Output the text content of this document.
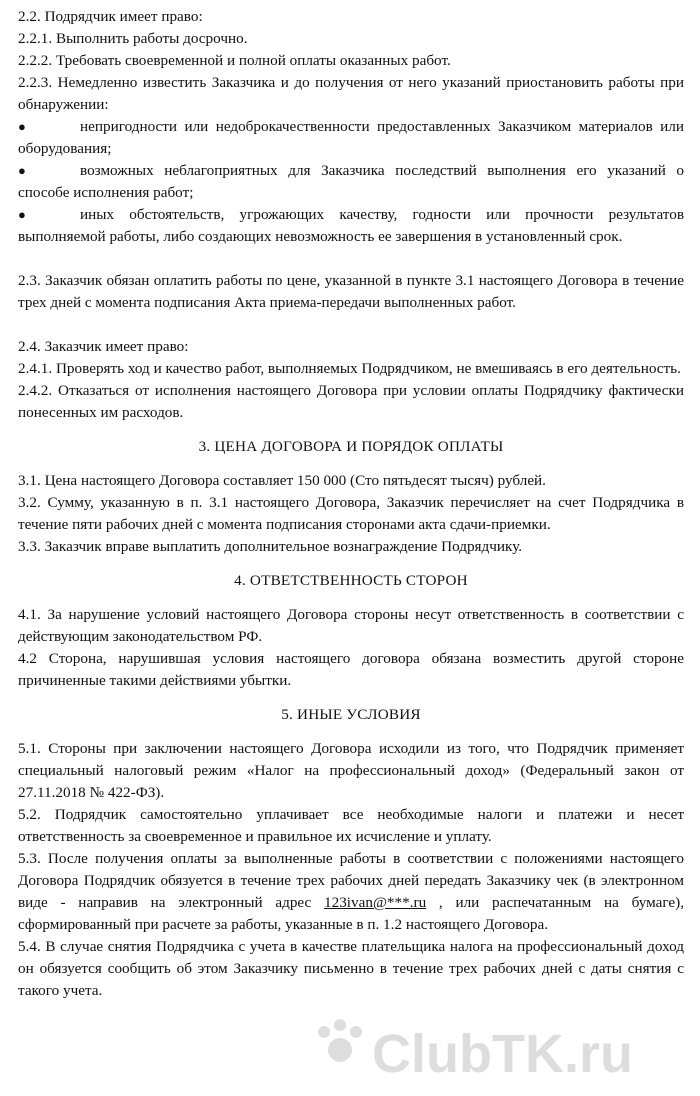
2.2. Подрядчик имеет право:

2.2.1. Выполнить работы досрочно.

2.2.2. Требовать своевременной и полной оплаты оказанных работ.

2.2.3. Немедленно известить Заказчика и до получения от него указаний приостановить работы при обнаружении:

●	непригодности или недоброкачественности предоставленных Заказчиком материалов или оборудования;

●	возможных неблагоприятных для Заказчика последствий выполнения его указаний о способе исполнения работ;

●	иных обстоятельств, угрожающих качеству, годности или прочности результатов выполняемой работы, либо создающих невозможность ее завершения в установленный срок.

2.3. Заказчик обязан оплатить работы по цене, указанной в пункте 3.1 настоящего Договора в течение трех дней с момента подписания Акта приема-передачи выполненных работ.

2.4. Заказчик имеет право:

2.4.1. Проверять ход и качество работ, выполняемых Подрядчиком, не вмешиваясь в его деятельность.

2.4.2. Отказаться от исполнения настоящего Договора при условии оплаты Подрядчику фактически понесенных им расходов.

3. ЦЕНА ДОГОВОРА И ПОРЯДОК ОПЛАТЫ

3.1. Цена настоящего Договора составляет 150 000 (Сто пятьдесят тысяч) рублей.

3.2. Сумму, указанную в п. 3.1 настоящего Договора, Заказчик перечисляет на счет Подрядчика в течение пяти рабочих дней с момента подписания сторонами акта сдачи-приемки.

3.3. Заказчик вправе выплатить дополнительное вознаграждение Подрядчику.

4. ОТВЕТСТВЕННОСТЬ СТОРОН

4.1. За нарушение условий настоящего Договора стороны несут ответственность в соответствии с действующим законодательством РФ.

4.2 Сторона, нарушившая условия настоящего договора обязана возместить другой стороне причиненные такими действиями убытки.

5. ИНЫЕ УСЛОВИЯ

5.1. Стороны при заключении настоящего Договора исходили из того, что Подрядчик применяет специальный налоговый режим «Налог на профессиональный доход» (Федеральный закон от 27.11.2018 № 422-ФЗ).

5.2. Подрядчик самостоятельно уплачивает все необходимые налоги и платежи и несет ответственность за своевременное и правильное их исчисление и уплату.

5.3. После получения оплаты за выполненные работы в соответствии с положениями настоящего Договора Подрядчик обязуется в течение трех рабочих дней передать Заказчику чек (в электронном виде - направив на электронный адрес 123ivan@***.ru , или распечатанным на бумаге), сформированный при расчете за работы, указанные в п. 1.2 настоящего Договора.

5.4. В случае снятия Подрядчика с учета в качестве плательщика налога на профессиональный доход он обязуется сообщить об этом Заказчику письменно в течение трех рабочих дней с даты снятия с такого учета.

ClubTK.ru
